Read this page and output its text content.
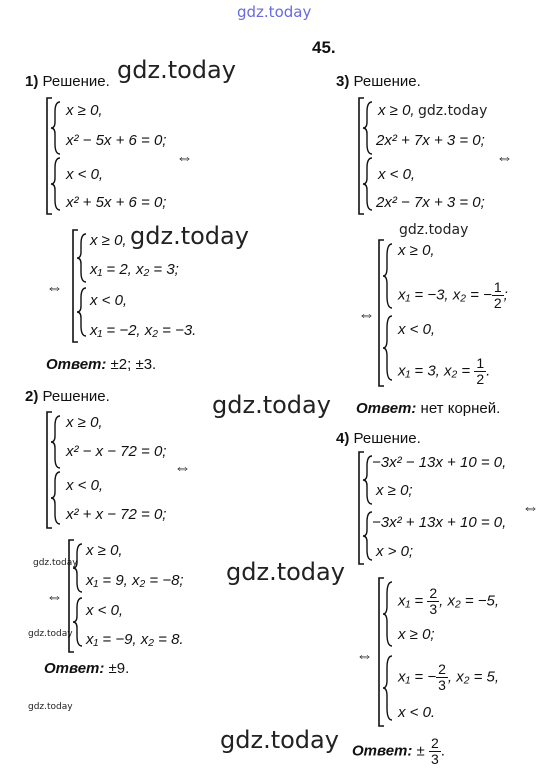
gdz.today
gdz.today
gdz.today
gdz.today
gdz.today
gdz.today
gdz.today
gdz.today
gdz.today
gdz.today
gdz.today
45.
1) Решение.
x ≥ 0,
x² − 5x + 6 = 0;
x < 0,
x² + 5x + 6 = 0;
⇔
⇔
x ≥ 0,
x₁ = 2, x₂ = 3;
x < 0,
x₁ = −2, x₂ = −3.
Ответ: ±2; ±3.
2) Решение.
x ≥ 0,
x² − x − 72 = 0;
x < 0,
x² + x − 72 = 0;
⇔
⇔
x ≥ 0,
x₁ = 9, x₂ = −8;
x < 0,
x₁ = −9, x₂ = 8.
Ответ: ±9.
3) Решение.
x ≥ 0,
2x² + 7x + 3 = 0;
x < 0,
2x² − 7x + 3 = 0;
⇔
⇔
x ≥ 0,
x₁ = −3, x₂ = − $\frac{1}{2}$ ;
x < 0,
x₁ = 3, $x_2 = \frac{1}{2}$ .
Ответ: нет корней.
4) Решение.
−3x² − 13x + 10 = 0,
x ≥ 0;
−3x² + 13x + 10 = 0,
x > 0;
⇔
⇔
$x_1 = \frac{2}{3}$ , x₂ = −5,
x ≥ 0;
x₁ = − $\frac{2}{3}$ , x₂ = 5,
x < 0.
Ответ: ± $\frac{2}{3}$ .
